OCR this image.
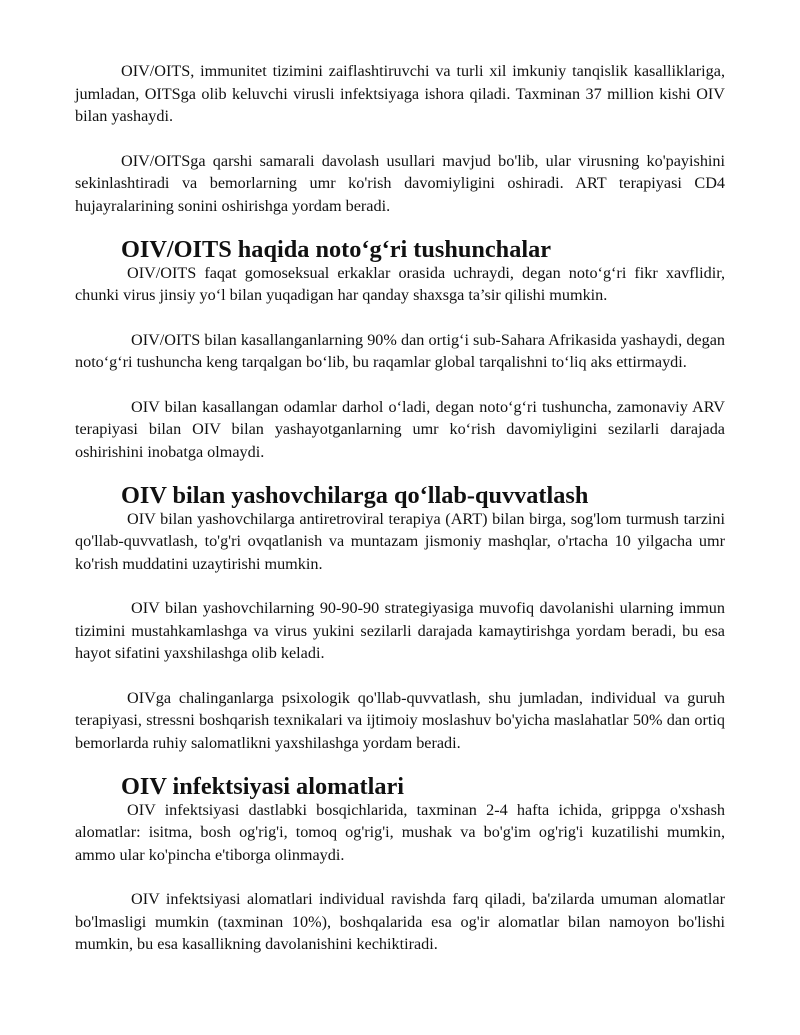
OIV/OITS, immunitet tizimini zaiflashtiruvchi va turli xil imkuniy tanqislik kasalliklariga, jumladan, OITSga olib keluvchi virusli infektsiyaga ishora qiladi. Taxminan 37 million kishi OIV bilan yashaydi.

OIV/OITSga qarshi samarali davolash usullari mavjud bo'lib, ular virusning ko'payishini sekinlashtiradi va bemorlarning umr ko'rish davomiyligini oshiradi. ART terapiyasi CD4 hujayralarining sonini oshirishga yordam beradi.

OIV/OITS haqida noto‘g‘ri tushunchalar

OIV/OITS faqat gomoseksual erkaklar orasida uchraydi, degan noto‘g‘ri fikr xavflidir, chunki virus jinsiy yo‘l bilan yuqadigan har qanday shaxsga ta’sir qilishi mumkin.

OIV/OITS bilan kasallanganlarning 90% dan ortig‘i sub-Sahara Afrikasida yashaydi, degan noto‘g‘ri tushuncha keng tarqalgan bo‘lib, bu raqamlar global tarqalishni to‘liq aks ettirmaydi.

OIV bilan kasallangan odamlar darhol o‘ladi, degan noto‘g‘ri tushuncha, zamonaviy ARV terapiyasi bilan OIV bilan yashayotganlarning umr ko‘rish davomiyligini sezilarli darajada oshirishini inobatga olmaydi.

OIV bilan yashovchilarga qo‘llab-quvvatlash

OIV bilan yashovchilarga antiretroviral terapiya (ART) bilan birga, sog'lom turmush tarzini qo'llab-quvvatlash, to'g'ri ovqatlanish va muntazam jismoniy mashqlar, o'rtacha 10 yilgacha umr ko'rish muddatini uzaytirishi mumkin.

OIV bilan yashovchilarning 90-90-90 strategiyasiga muvofiq davolanishi ularning immun tizimini mustahkamlashga va virus yukini sezilarli darajada kamaytirishga yordam beradi, bu esa hayot sifatini yaxshilashga olib keladi.

OIVga chalinganlarga psixologik qo'llab-quvvatlash, shu jumladan, individual va guruh terapiyasi, stressni boshqarish texnikalari va ijtimoiy moslashuv bo'yicha maslahatlar 50% dan ortiq bemorlarda ruhiy salomatlikni yaxshilashga yordam beradi.

OIV infektsiyasi alomatlari

OIV infektsiyasi dastlabki bosqichlarida, taxminan 2-4 hafta ichida, grippga o'xshash alomatlar: isitma, bosh og'rig'i, tomoq og'rig'i, mushak va bo'g'im og'rig'i kuzatilishi mumkin, ammo ular ko'pincha e'tiborga olinmaydi.

OIV infektsiyasi alomatlari individual ravishda farq qiladi, ba'zilarda umuman alomatlar bo'lmasligi mumkin (taxminan 10%), boshqalarida esa og'ir alomatlar bilan namoyon bo'lishi mumkin, bu esa kasallikning davolanishini kechiktiradi.
